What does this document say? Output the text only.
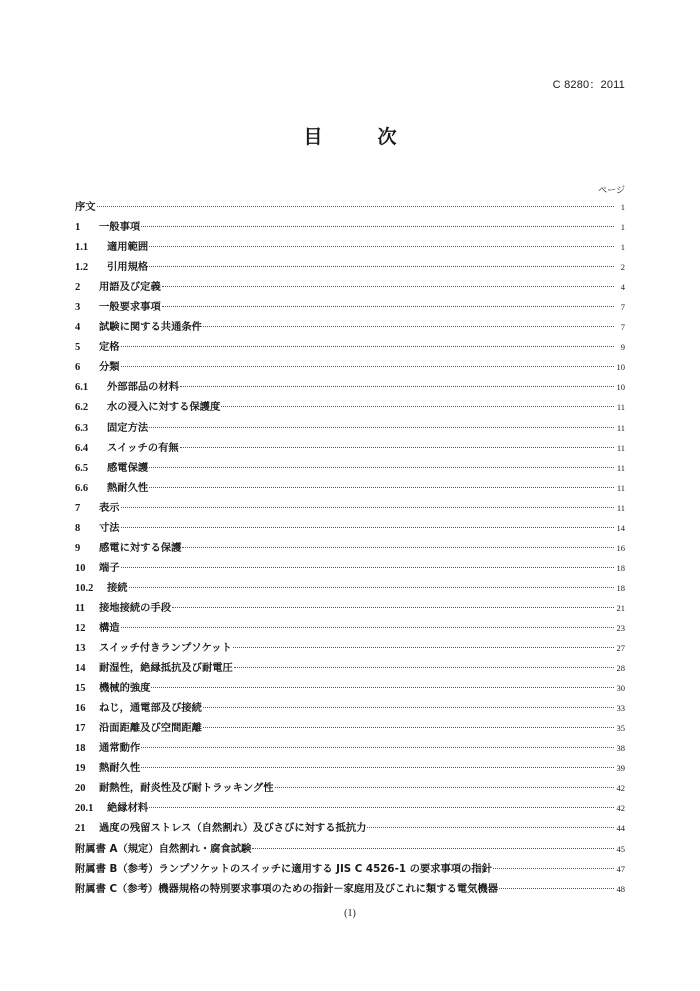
C 8280：2011
目　次
ページ
序文	1
1	一般事項	1
1.1	適用範囲	1
1.2	引用規格	2
2	用語及び定義	4
3	一般要求事項	7
4	試験に関する共通条件	7
5	定格	9
6	分類	10
6.1	外部部品の材料	10
6.2	水の浸入に対する保護度	11
6.3	固定方法	11
6.4	スイッチの有無	11
6.5	感電保護	11
6.6	熱耐久性	11
7	表示	11
8	寸法	14
9	感電に対する保護	16
10	端子	18
10.2	接続	18
11	接地接続の手段	21
12	構造	23
13	スイッチ付きランプソケット	27
14	耐湿性，絶縁抵抗及び耐電圧	28
15	機械的強度	30
16	ねじ，通電部及び接続	33
17	沿面距離及び空間距離	35
18	通常動作	38
19	熱耐久性	39
20	耐熱性，耐炎性及び耐トラッキング性	42
20.1	絶縁材料	42
21	過度の残留ストレス（自然割れ）及びさびに対する抵抗力	44
附属書 A（規定）自然割れ・腐食試験	45
附属書 B（参考）ランプソケットのスイッチに適用する JIS C 4526-1 の要求事項の指針	47
附属書 C（参考）機器規格の特別要求事項のための指針－家庭用及びこれに類する電気機器	48
(1)
